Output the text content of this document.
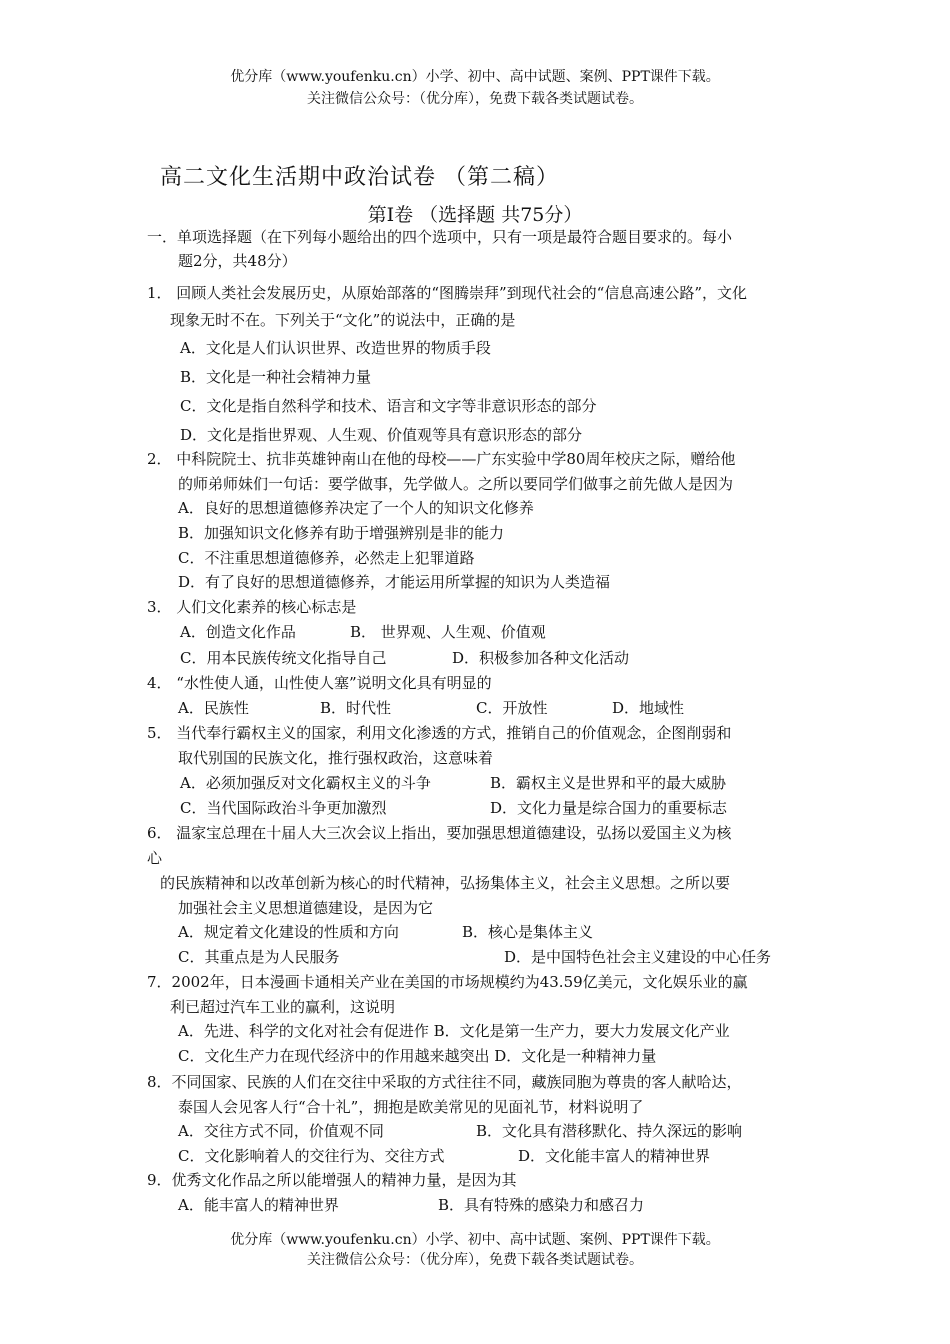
优分库（www.youfenku.cn）小学、初中、高中试题、案例、PPT课件下载。
关注微信公众号：（优分库），免费下载各类试题试卷。
高二文化生活期中政治试卷 （第二稿）
第Ⅰ卷 （选择题 共75分）
一．单项选择题（在下列每小题给出的四个选项中，只有一项是最符合题目要求的。每小
题2分，共48分）
1． 回顾人类社会发展历史，从原始部落的“图腾崇拜”到现代社会的“信息高速公路”，文化
现象无时不在。下列关于“文化”的说法中，正确的是
A．文化是人们认识世界、改造世界的物质手段
B．文化是一种社会精神力量
C．文化是指自然科学和技术、语言和文字等非意识形态的部分
D．文化是指世界观、人生观、价值观等具有意识形态的部分
2． 中科院院士、抗非英雄钟南山在他的母校——广东实验中学80周年校庆之际，赠给他
的师弟师妹们一句话：要学做事，先学做人。之所以要同学们做事之前先做人是因为
A．良好的思想道德修养决定了一个人的知识文化修养
B．加强知识文化修养有助于增强辨别是非的能力
C．不注重思想道德修养，必然走上犯罪道路
D．有了良好的思想道德修养，才能运用所掌握的知识为人类造福
3． 人们文化素养的核心标志是
A．创造文化作品	B． 世界观、人生观、价值观
C．用本民族传统文化指导自己	D．积极参加各种文化活动
4． “水性使人通，山性使人塞”说明文化具有明显的
A．民族性	B．时代性	C．开放性	D．地域性
5． 当代奉行霸权主义的国家，利用文化渗透的方式，推销自己的价值观念，企图削弱和
取代别国的民族文化，推行强权政治，这意味着
A．必须加强反对文化霸权主义的斗争	B．霸权主义是世界和平的最大威胁
C．当代国际政治斗争更加激烈	D．文化力量是综合国力的重要标志
6． 温家宝总理在十届人大三次会议上指出，要加强思想道德建设，弘扬以爱国主义为核
心
的民族精神和以改革创新为核心的时代精神，弘扬集体主义，社会主义思想。之所以要
加强社会主义思想道德建设，是因为它
A．规定着文化建设的性质和方向	B．核心是集体主义
C．其重点是为人民服务	D．是中国特色社会主义建设的中心任务
7．2002年，日本漫画卡通相关产业在美国的市场规模约为43.59亿美元，文化娱乐业的赢
利已超过汽车工业的赢利，这说明
A．先进、科学的文化对社会有促进作 B．文化是第一生产力，要大力发展文化产业
C．文化生产力在现代经济中的作用越来越突出 D．文化是一种精神力量
8．不同国家、民族的人们在交往中采取的方式往往不同，藏族同胞为尊贵的客人献哈达，
泰国人会见客人行“合十礼”，拥抱是欧美常见的见面礼节，材料说明了
A．交往方式不同，价值观不同	B．文化具有潜移默化、持久深远的影响
C．文化影响着人的交往行为、交往方式	D．文化能丰富人的精神世界
9．优秀文化作品之所以能增强人的精神力量，是因为其
A．能丰富人的精神世界	B．具有特殊的感染力和感召力
优分库（www.youfenku.cn）小学、初中、高中试题、案例、PPT课件下载。
关注微信公众号：（优分库），免费下载各类试题试卷。
